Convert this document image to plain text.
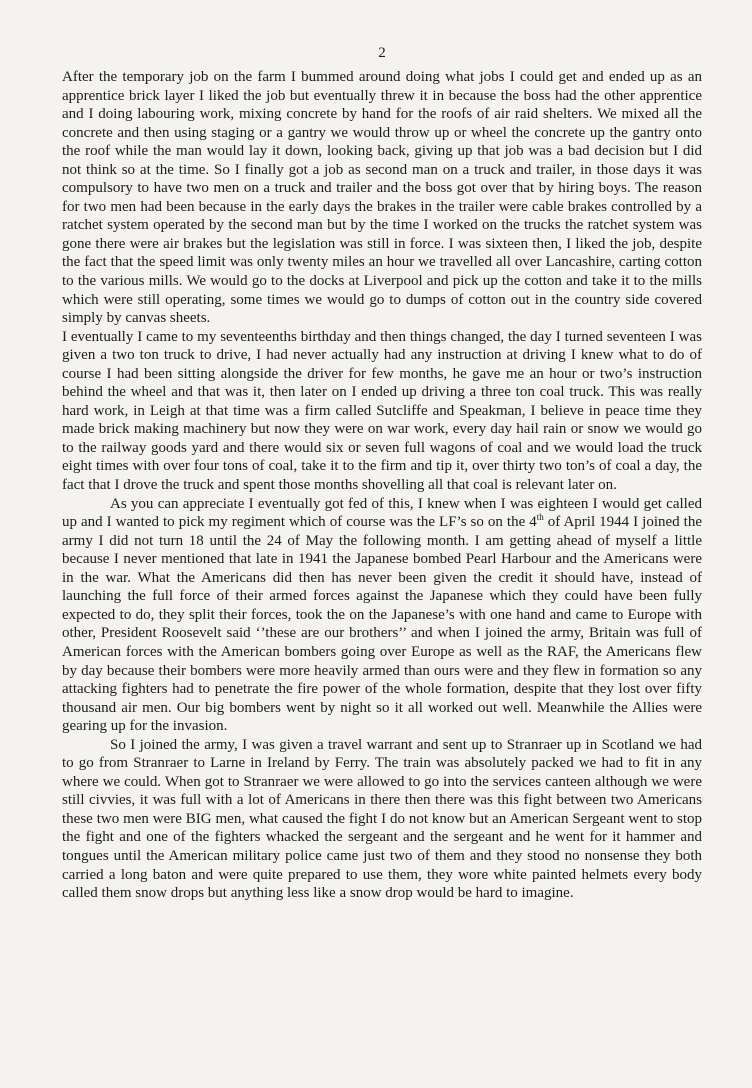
2

After the temporary job on the farm I bummed around doing what jobs I could get and ended up as an apprentice brick layer I liked the job but eventually threw it in because the boss had the other apprentice and I doing labouring work, mixing concrete by hand for the roofs of air raid shelters. We mixed all the concrete and then using staging or a gantry we would throw up or wheel the concrete up the gantry onto the roof while the man would lay it down, looking back, giving up that job was a bad decision but I did not think so at the time. So I finally got a job as second man on a truck and trailer, in those days it was compulsory to have two men on a truck and trailer and the boss got over that by hiring boys. The reason for two men had been because in the early days the brakes in the trailer were cable brakes controlled by a ratchet system operated by the second man but by the time I worked on the trucks the ratchet system was gone there were air brakes but the legislation was still in force. I was sixteen then, I liked the job, despite the fact that the speed limit was only twenty miles an hour we travelled all over Lancashire, carting cotton to the various mills. We would go to the docks at Liverpool and pick up the cotton and take it to the mills which were still operating, some times we would go to dumps of cotton out in the country side covered simply by canvas sheets.

I eventually I came to my seventeenths birthday and then things changed, the day I turned seventeen I was given a two ton truck to drive, I had never actually had any instruction at driving I knew what to do of course I had been sitting alongside the driver for few months, he gave me an hour or two’s instruction behind the wheel and that was it, then later on I ended up driving a three ton coal truck. This was really hard work, in Leigh at that time was a firm called Sutcliffe and Speakman, I believe in peace time they made brick making machinery but now they were on war work, every day hail rain or snow we would go to the railway goods yard and there would six or seven full wagons of coal and we would load the truck eight times with over four tons of coal, take it to the firm and tip it, over thirty two ton’s of coal a day, the fact that I drove the truck and spent those months shovelling all that coal is relevant later on.

As you can appreciate I eventually got fed of this, I knew when I was eighteen I would get called up and I wanted to pick my regiment which of course was the LF’s so on the 4th of April 1944 I joined the army I did not turn 18 until the 24 of May the following month. I am getting ahead of myself a little because I never mentioned that late in 1941 the Japanese bombed Pearl Harbour and the Americans were in the war. What the Americans did then has never been given the credit it should have, instead of launching the full force of their armed forces against the Japanese which they could have been fully expected to do, they split their forces, took the on the Japanese’s with one hand and came to Europe with other, President Roosevelt said ‘’these are our brothers’’ and when I joined the army, Britain was full of American forces with the American bombers going over Europe as well as the RAF, the Americans flew by day because their bombers were more heavily armed than ours were and they flew in formation so any attacking fighters had to penetrate the fire power of the whole formation, despite that they lost over fifty thousand air men. Our big bombers went by night so it all worked out well. Meanwhile the Allies were gearing up for the invasion.

So I joined the army, I was given a travel warrant and sent up to Stranraer up in Scotland we had to go from Stranraer to Larne in Ireland by Ferry. The train was absolutely packed we had to fit in any where we could. When got to Stranraer we were allowed to go into the services canteen although we were still civvies, it was full with a lot of Americans in there then there was this fight between two Americans these two men were BIG men, what caused the fight I do not know but an American Sergeant went to stop the fight and one of the fighters whacked the sergeant and the sergeant and he went for it hammer and tongues until the American military police came just two of them and they stood no nonsense they both carried a long baton and were quite prepared to use them, they wore white painted helmets every body called them snow drops but anything less like a snow drop would be hard to imagine.
